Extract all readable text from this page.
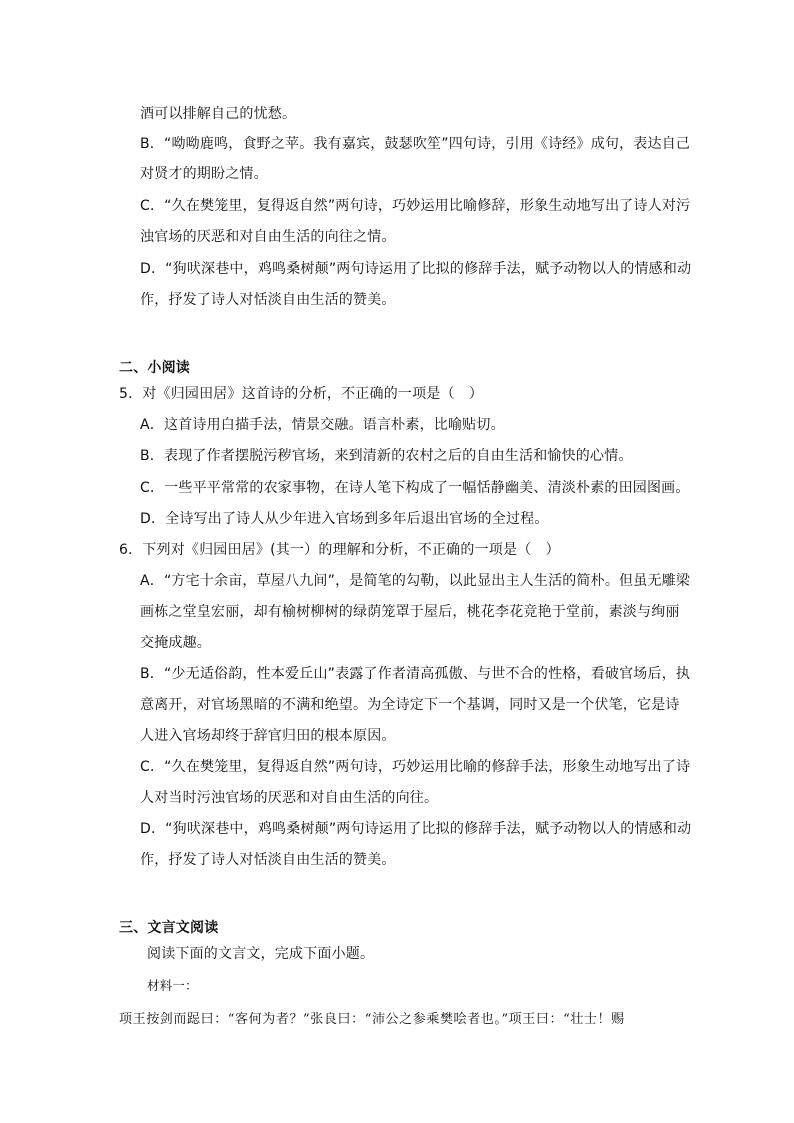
酒可以排解自己的忧愁。
B．“呦呦鹿鸣，食野之苹。我有嘉宾，鼓瑟吹笙”四句诗，引用《诗经》成句，表达自己
对贤才的期盼之情。
C．“久在樊笼里，复得返自然”两句诗，巧妙运用比喻修辞，形象生动地写出了诗人对污
浊官场的厌恶和对自由生活的向往之情。
D．“狗吠深巷中，鸡鸣桑树颠”两句诗运用了比拟的修辞手法，赋予动物以人的情感和动
作，抒发了诗人对恬淡自由生活的赞美。
二、小阅读
5．对《归园田居》这首诗的分析，不正确的一项是（　）
A．这首诗用白描手法，情景交融。语言朴素，比喻贴切。
B．表现了作者摆脱污秽官场，来到清新的农村之后的自由生活和愉快的心情。
C．一些平平常常的农家事物，在诗人笔下构成了一幅恬静幽美、清淡朴素的田园图画。
D．全诗写出了诗人从少年进入官场到多年后退出官场的全过程。
6．下列对《归园田居》(其一）的理解和分析，不正确的一项是（　）
A．“方宅十余亩，草屋八九间”，是简笔的勾勒，以此显出主人生活的简朴。但虽无雕梁
画栋之堂皇宏丽，却有榆树柳树的绿荫笼罩于屋后，桃花李花竞艳于堂前，素淡与绚丽
交掩成趣。
B．“少无适俗韵，性本爱丘山”表露了作者清高孤傲、与世不合的性格，看破官场后，执
意离开，对官场黑暗的不满和绝望。为全诗定下一个基调，同时又是一个伏笔，它是诗
人进入官场却终于辞官归田的根本原因。
C．“久在樊笼里，复得返自然”两句诗，巧妙运用比喻的修辞手法，形象生动地写出了诗
人对当时污浊官场的厌恶和对自由生活的向往。
D．“狗吠深巷中，鸡鸣桑树颠”两句诗运用了比拟的修辞手法，赋予动物以人的情感和动
作，抒发了诗人对恬淡自由生活的赞美。
三、文言文阅读
阅读下面的文言文，完成下面小题。
材料一：
项王按剑而跽曰：“客何为者？”张良曰：“沛公之参乘樊哙者也。”项王曰：“壮士！赐
